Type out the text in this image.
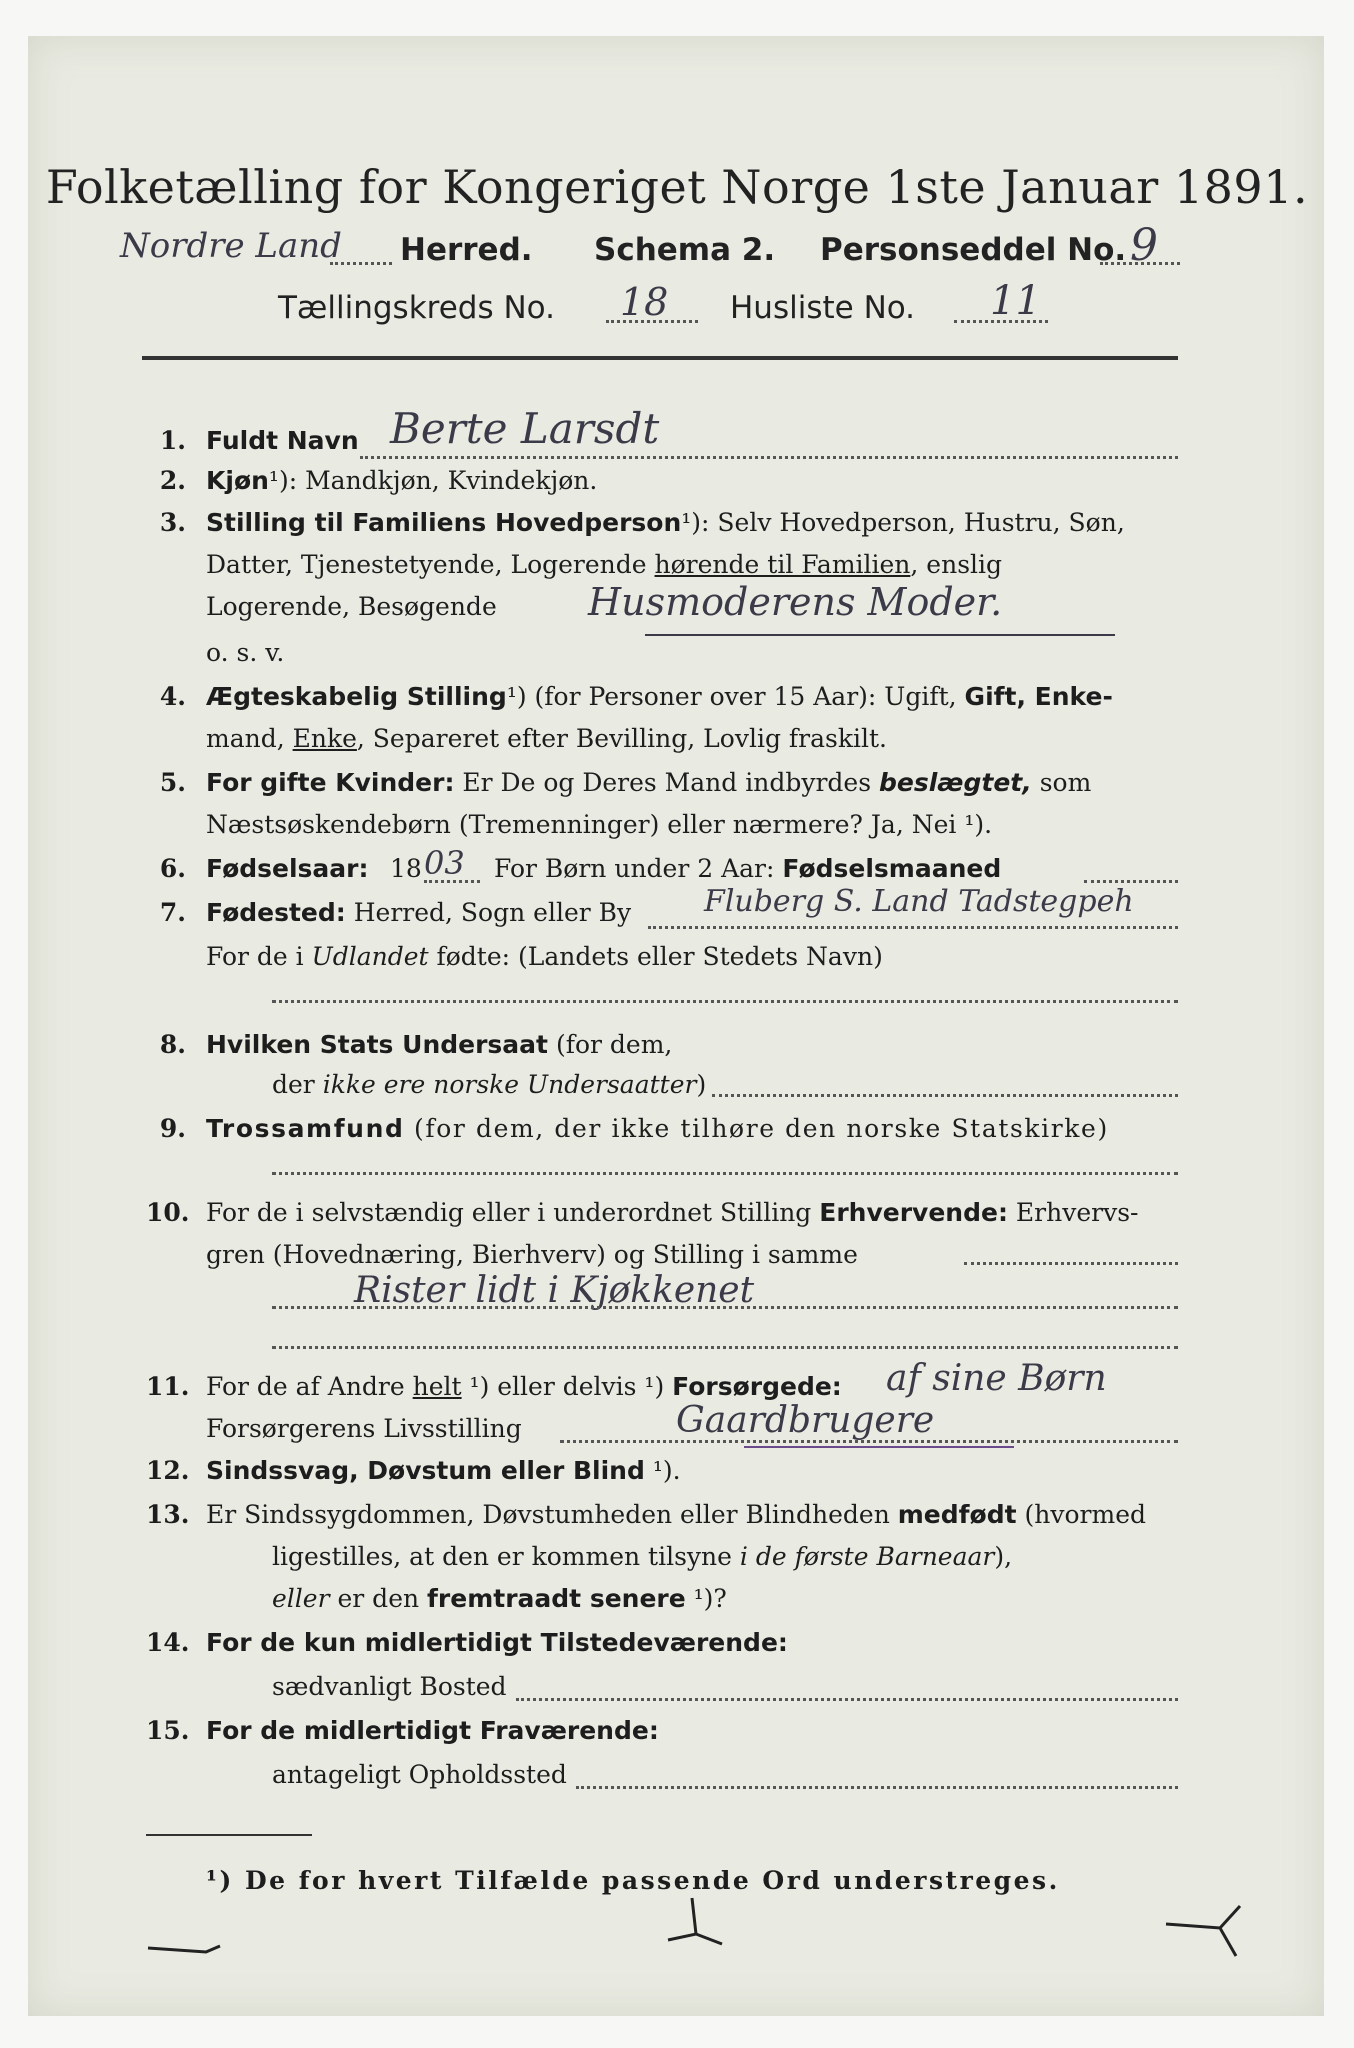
Folketælling for Kongeriget Norge 1ste Januar 1891.
Nordre Land Herred. Schema 2. Personseddel No. 9
Tællingskreds No. 18 Husliste No. 11
1. Fuldt Navn Berte Larsdt
2. Kjøn¹): Mandkjøn, Kvindekjøn.
3. Stilling til Familiens Hovedperson¹): Selv Hovedperson, Hustru, Søn,
Datter, Tjenestetyende, Logerende hørende til Familien, enslig
Logerende, Besøgende	Husmoderens Moder.
o. s. v.
4. Ægteskabelig Stilling¹) (for Personer over 15 Aar): Ugift, Gift, Enke-
mand, Enke, Separeret efter Bevilling, Lovlig fraskilt.
5. For gifte Kvinder: Er De og Deres Mand indbyrdes beslægtet, som
Næstsøskendebørn (Tremenninger) eller nærmere? Ja, Nei ¹).
6. Fødselsaar: 18 03 For Børn under 2 Aar: Fødselsmaaned
7. Fødested: Herred, Sogn eller By	Fluberg S. Land Tadstegpeh
For de i Udlandet fødte: (Landets eller Stedets Navn)
8. Hvilken Stats Undersaat (for dem,
der ikke ere norske Undersaatter)
9. Trossamfund (for dem, der ikke tilhøre den norske Statskirke)
10. For de i selvstændig eller i underordnet Stilling Erhvervende: Erhvervs-
gren (Hovednæring, Bierhverv) og Stilling i samme
Rister lidt i Kjøkkenet
11. For de af Andre helt ¹) eller delvis ¹) Forsørgede:	af sine Børn
Forsørgerens Livsstilling	Gaardbrugere
12. Sindssvag, Døvstum eller Blind ¹).
13. Er Sindssygdommen, Døvstumheden eller Blindheden medfødt (hvormed
ligestilles, at den er kommen tilsyne i de første Barneaar),
eller er den fremtraadt senere ¹)?
14. For de kun midlertidigt Tilstedeværende:
sædvanligt Bosted
15. For de midlertidigt Fraværende:
antageligt Opholdssted
¹) De for hvert Tilfælde passende Ord understreges.
